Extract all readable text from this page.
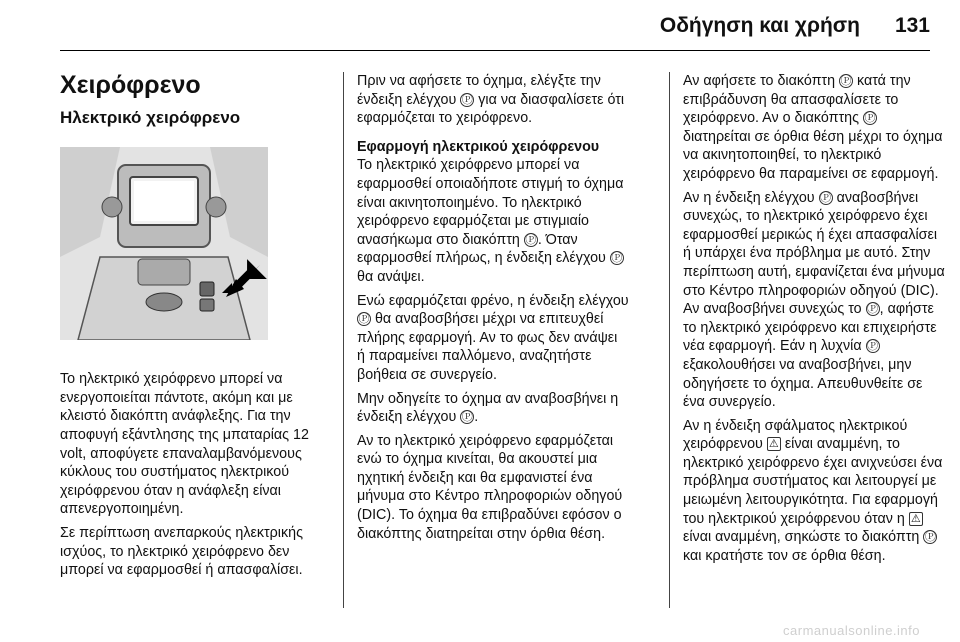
Οδήγηση και χρήση 131
Χειρόφρενο
Ηλεκτρικό χειρόφρενο

Το ηλεκτρικό χειρόφρενο μπορεί να ενεργοποιείται πάντοτε, ακόμη και με κλειστό διακόπτη ανάφλεξης. Για την αποφυγή εξάντλησης της μπαταρίας 12 volt, αποφύγετε επαναλαμβανόμενους κύκλους του συστήματος ηλεκτρικού χειρόφρενου όταν η ανάφλεξη είναι απενεργοποιημένη.

Σε περίπτωση ανεπαρκούς ηλεκτρικής ισχύος, το ηλεκτρικό χειρόφρενο δεν μπορεί να εφαρμοσθεί ή απασφαλίσει.

Πριν να αφήσετε το όχημα, ελέγξτε την ένδειξη ελέγχου Ⓟ για να διασφαλίσετε ότι εφαρμόζεται το χειρόφρενο.

Εφαρμογή ηλεκτρικού χειρόφρενου

Το ηλεκτρικό χειρόφρενο μπορεί να εφαρμοσθεί οποιαδήποτε στιγμή το όχημα είναι ακινητοποιημένο. Το ηλεκτρικό χειρόφρενο εφαρμόζεται με στιγμιαίο ανασήκωμα στο διακόπτη Ⓟ . Όταν εφαρμοσθεί πλήρως, η ένδειξη ελέγχου Ⓟ θα ανάψει.

Ενώ εφαρμόζεται φρένο, η ένδειξη ελέγχου Ⓟ θα αναβοσβήσει μέχρι να επιτευχθεί πλήρης εφαρμογή. Αν το φως δεν ανάψει ή παραμείνει παλλόμενο, αναζητήστε βοήθεια σε συνεργείο.

Μην οδηγείτε το όχημα αν αναβοσβήνει η ένδειξη ελέγχου Ⓟ .

Αν το ηλεκτρικό χειρόφρενο εφαρμόζεται ενώ το όχημα κινείται, θα ακουστεί μια ηχητική ένδειξη και θα εμφανιστεί ένα μήνυμα στο Κέντρο πληροφοριών οδηγού (DIC). Το όχημα θα επιβραδύνει εφόσον ο διακόπτης διατηρείται στην όρθια θέση.

Αν αφήσετε το διακόπτη Ⓟ κατά την επιβράδυνση θα απασφαλίσετε το χειρόφρενο. Αν ο διακόπτης Ⓟ διατηρείται σε όρθια θέση μέχρι το όχημα να ακινητοποιηθεί, το ηλεκτρικό χειρόφρενο θα παραμείνει σε εφαρμογή.

Αν η ένδειξη ελέγχου Ⓟ αναβοσβήνει συνεχώς, το ηλεκτρικό χειρόφρενο έχει εφαρμοσθεί μερικώς ή έχει απασφαλίσει ή υπάρχει ένα πρόβλημα με αυτό. Στην περίπτωση αυτή, εμφανίζεται ένα μήνυμα στο Κέντρο πληροφοριών οδηγού (DIC). Αν αναβοσβήνει συνεχώς το Ⓟ , αφήστε το ηλεκτρικό χειρόφρενο και επιχειρήστε νέα εφαρμογή. Εάν η λυχνία Ⓟ εξακολουθήσει να αναβοσβήνει, μην οδηγήσετε το όχημα. Απευθυνθείτε σε ένα συνεργείο.

Αν η ένδειξη σφάλματος ηλεκτρικού χειρόφρενου ⚠ είναι αναμμένη, το ηλεκτρικό χειρόφρενο έχει ανιχνεύσει ένα πρόβλημα συστήματος και λειτουργεί με μειωμένη λειτουργικότητα. Για εφαρμογή του ηλεκτρικού χειρόφρενου όταν η ⚠ είναι αναμμένη, σηκώστε το διακόπτη Ⓟ και κρατήστε τον σε όρθια θέση.

carmanualsonline.info
